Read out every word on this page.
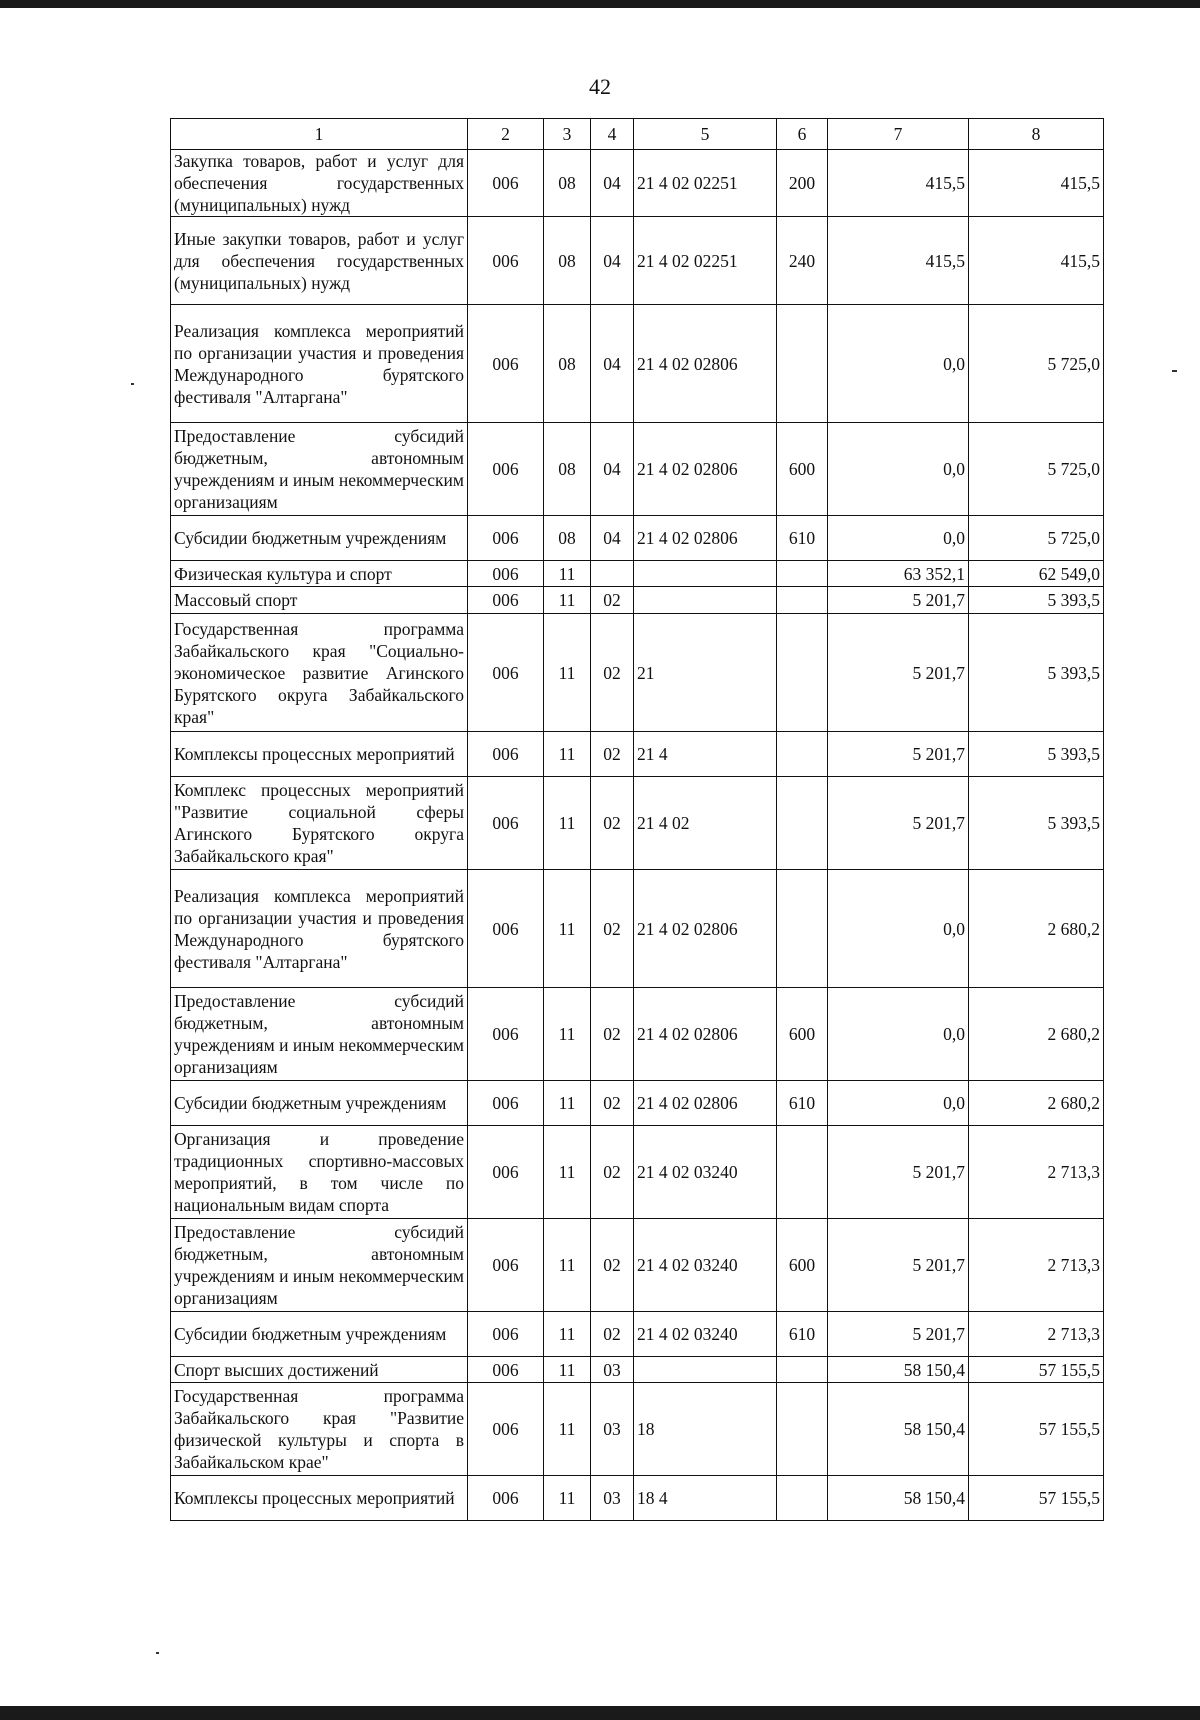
42
1	2	3	4	5	6	7	8
Закупка товаров, работ и услуг для обеспечения государственных (муниципальных) нужд	006	08	04	21 4 02 02251	200	415,5	415,5
Иные закупки товаров, работ и услуг для обеспечения государственных (муниципальных) нужд	006	08	04	21 4 02 02251	240	415,5	415,5
Реализация комплекса мероприятий по организации участия и проведения Международного бурятского фестиваля "Алтаргана"	006	08	04	21 4 02 02806		0,0	5 725,0
Предоставление субсидий бюджетным, автономным учреждениям и иным некоммерческим организациям	006	08	04	21 4 02 02806	600	0,0	5 725,0
Субсидии бюджетным учреждениям	006	08	04	21 4 02 02806	610	0,0	5 725,0
Физическая культура и спорт	006	11				63 352,1	62 549,0
Массовый спорт	006	11	02			5 201,7	5 393,5
Государственная программа Забайкальского края "Социально-экономическое развитие Агинского Бурятского округа Забайкальского края"	006	11	02	21		5 201,7	5 393,5
Комплексы процессных мероприятий	006	11	02	21 4		5 201,7	5 393,5
Комплекс процессных мероприятий "Развитие социальной сферы Агинского Бурятского округа Забайкальского края"	006	11	02	21 4 02		5 201,7	5 393,5
Реализация комплекса мероприятий по организации участия и проведения Международного бурятского фестиваля "Алтаргана"	006	11	02	21 4 02 02806		0,0	2 680,2
Предоставление субсидий бюджетным, автономным учреждениям и иным некоммерческим организациям	006	11	02	21 4 02 02806	600	0,0	2 680,2
Субсидии бюджетным учреждениям	006	11	02	21 4 02 02806	610	0,0	2 680,2
Организация и проведение традиционных спортивно-массовых мероприятий, в том числе по национальным видам спорта	006	11	02	21 4 02 03240		5 201,7	2 713,3
Предоставление субсидий бюджетным, автономным учреждениям и иным некоммерческим организациям	006	11	02	21 4 02 03240	600	5 201,7	2 713,3
Субсидии бюджетным учреждениям	006	11	02	21 4 02 03240	610	5 201,7	2 713,3
Спорт высших достижений	006	11	03			58 150,4	57 155,5
Государственная программа Забайкальского края "Развитие физической культуры и спорта в Забайкальском крае"	006	11	03	18		58 150,4	57 155,5
Комплексы процессных мероприятий	006	11	03	18 4		58 150,4	57 155,5
